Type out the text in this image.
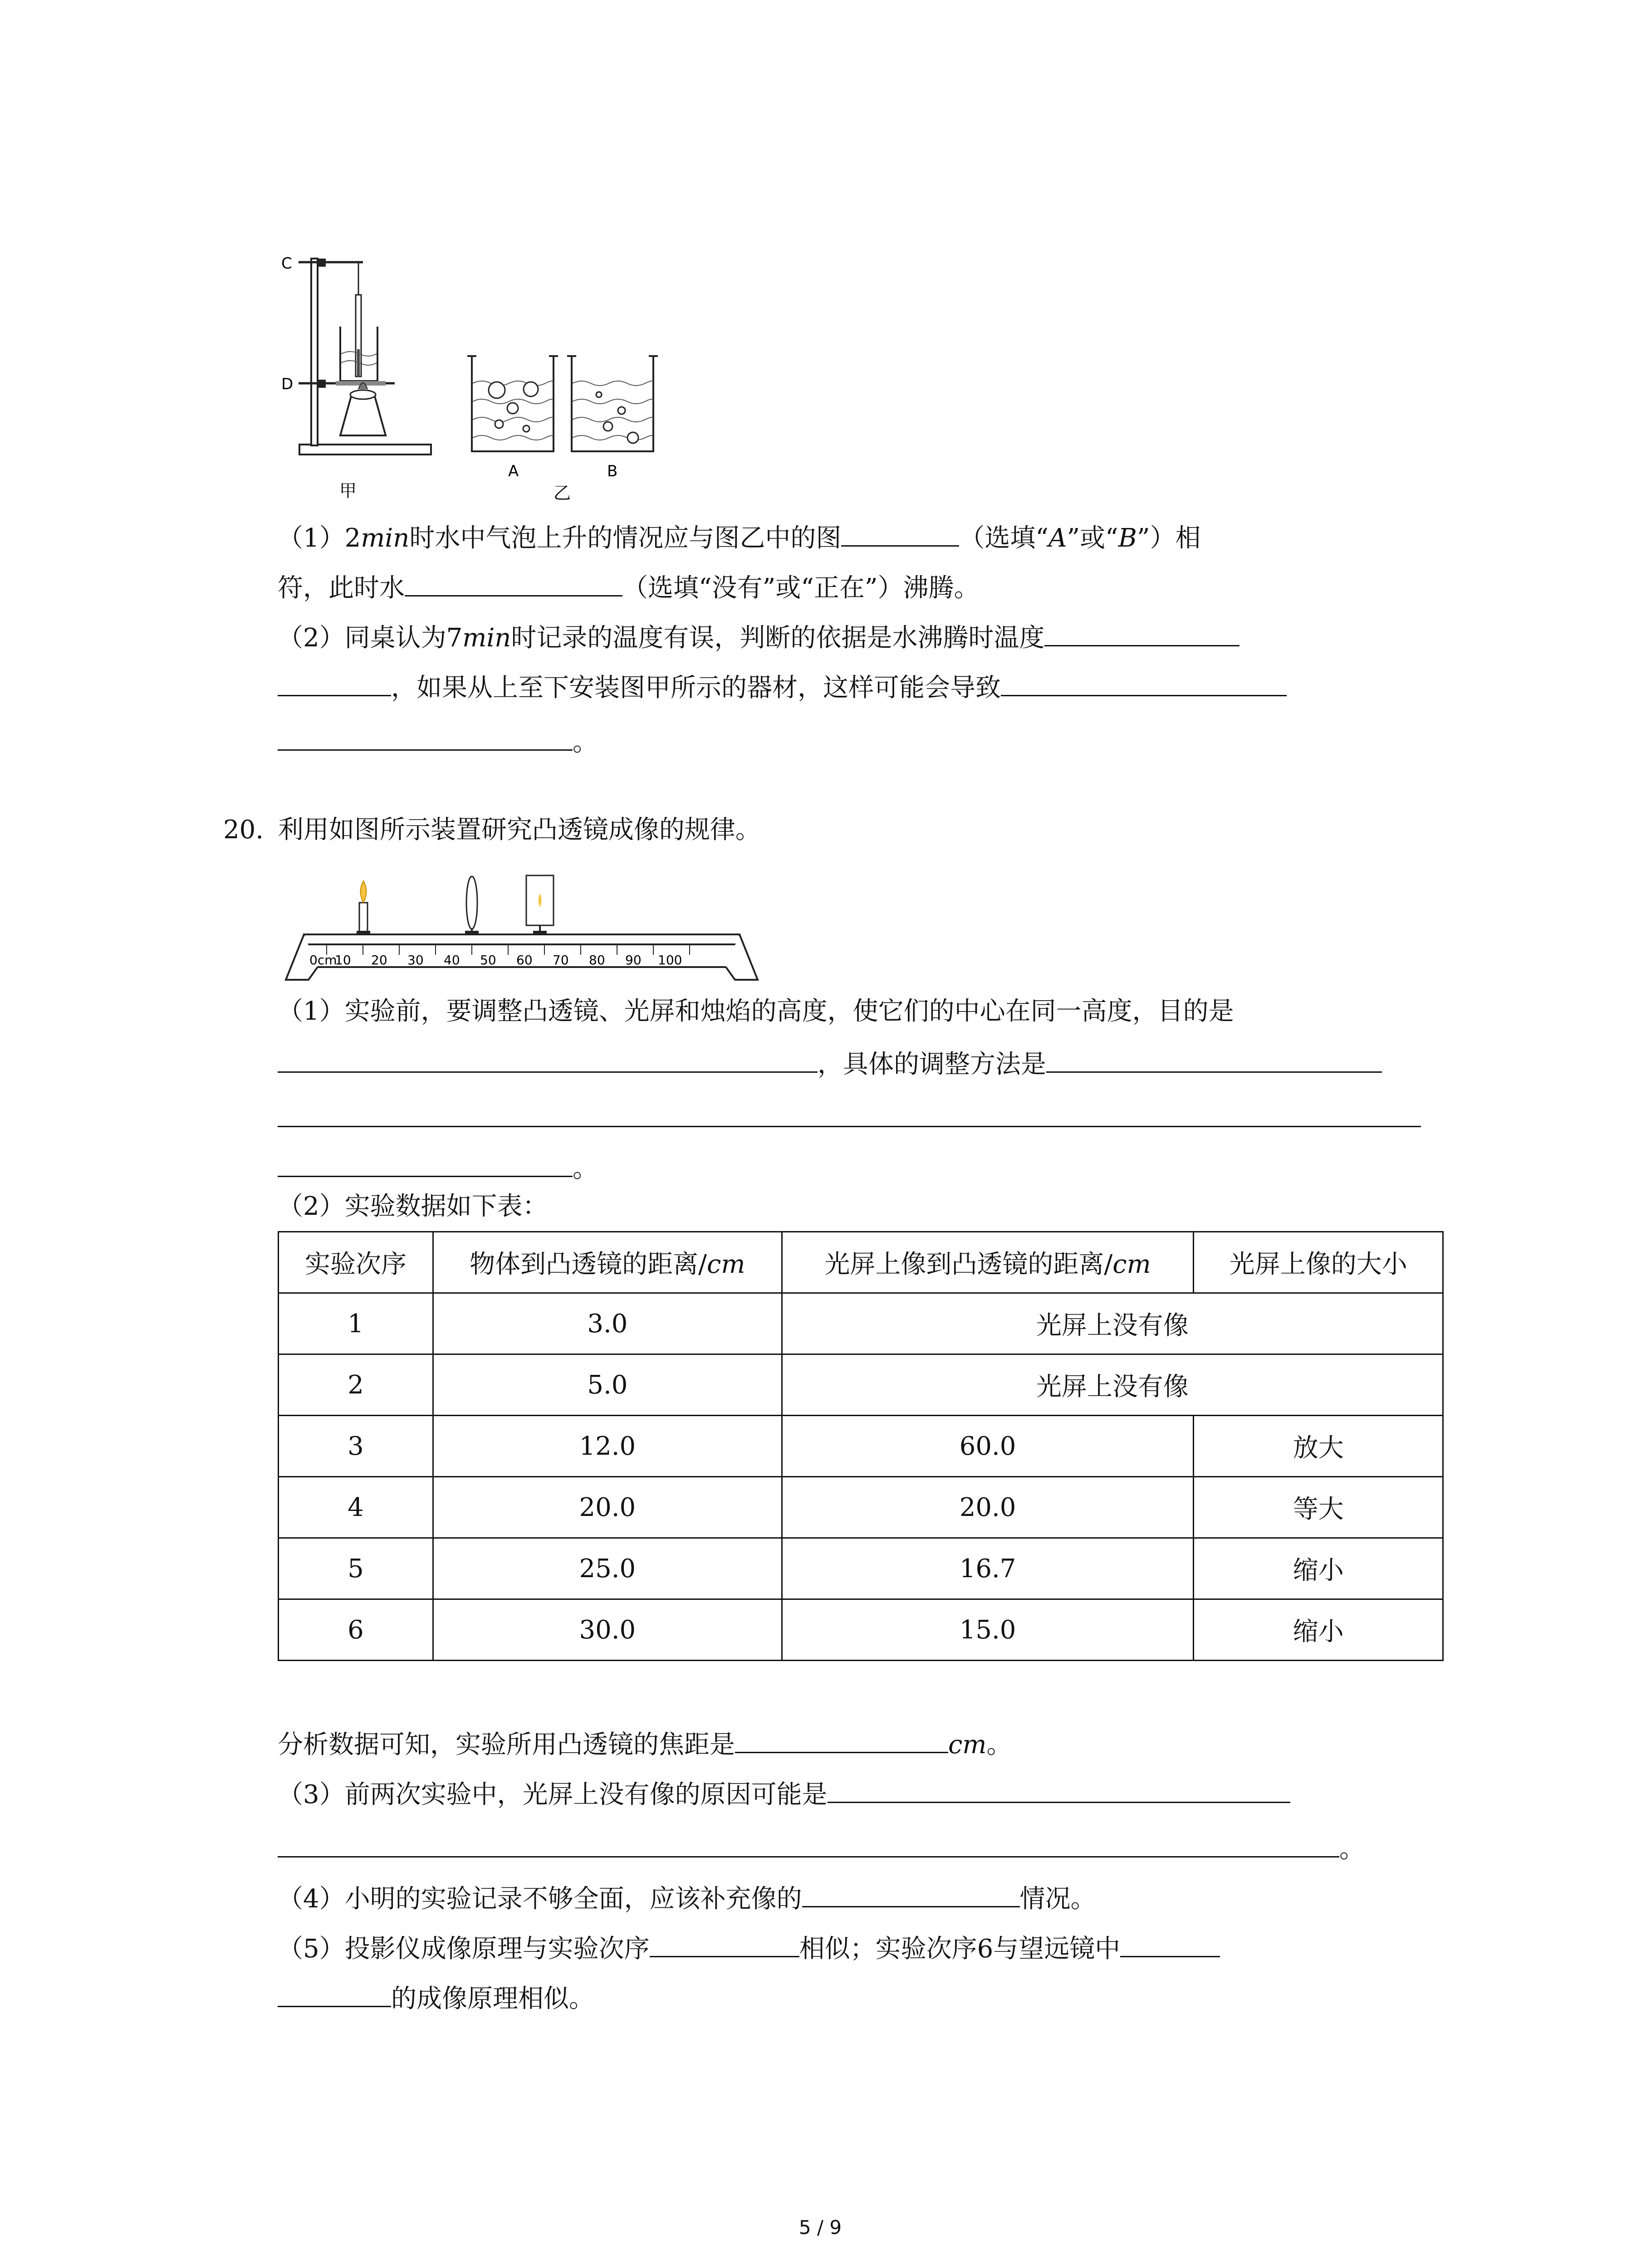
C
D
甲
A	B
乙
（1）2min时水中气泡上升的情况应与图乙中的图	（选填“A”或“B”）相
符，此时水	（选填“没有”或“正在”）沸腾。
（2）同桌认为7min时记录的温度有误，判断的依据是水沸腾时温度
，如果从上至下安装图甲所示的器材，这样可能会导致
。
20. 利用如图所示装置研究凸透镜成像的规律。
0cm
10 20 30 40 50 60 70 80 90 100
（1）实验前，要调整凸透镜、光屏和烛焰的高度，使它们的中心在同一高度，目的是
，具体的调整方法是
。
（2）实验数据如下表：
实验次序	物体到凸透镜的距离/cm	光屏上像到凸透镜的距离/cm	光屏上像的大小
1	3.0	光屏上没有像	
2	5.0	光屏上没有像	
3	12.0	60.0	放大
4	20.0	20.0	等大
5	25.0	16.7	缩小
6	30.0	15.0	缩小
分析数据可知，实验所用凸透镜的焦距是	cm。
（3）前两次实验中，光屏上没有像的原因可能是
。
（4）小明的实验记录不够全面，应该补充像的	情况。
（5）投影仪成像原理与实验次序	相似；实验次序6与望远镜中
的成像原理相似。
5 / 9
